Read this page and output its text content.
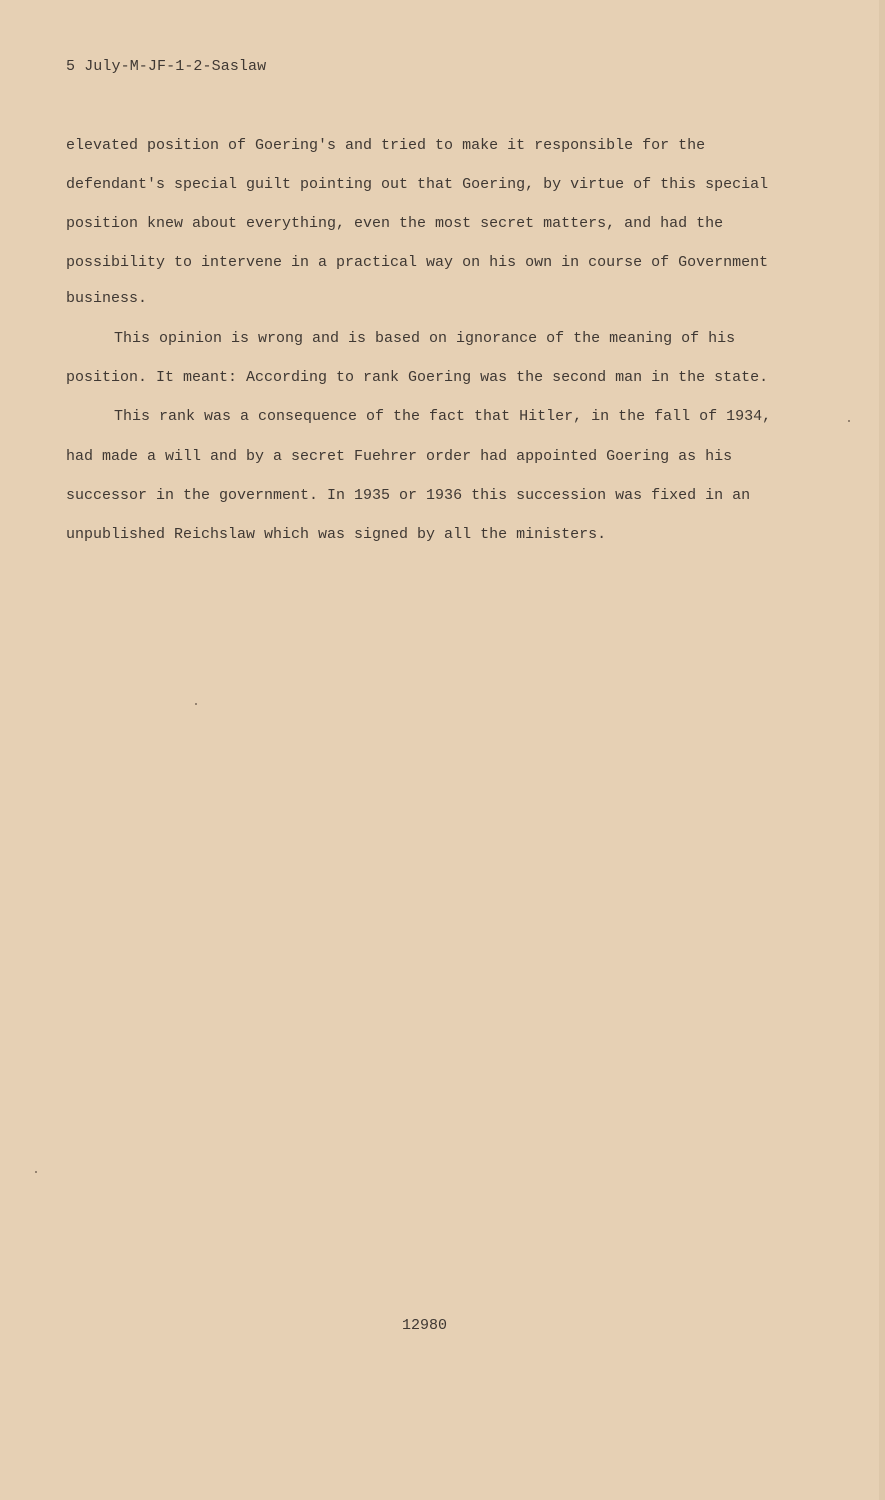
5 July-M-JF-1-2-Saslaw
elevated position of Goering's and tried to make it responsible for the
defendant's special guilt pointing out that Goering, by virtue of this special
position knew about everything, even the most secret matters, and had the
possibility to intervene in a practical way on his own in course of Government
business.
This opinion is wrong and is based on ignorance of the meaning of his
position. It meant: According to rank Goering was the second man in the state.
This rank was a consequence of the fact that Hitler, in the fall of 1934,
had made a will and by a secret Fuehrer order had appointed Goering as his
successor in the government. In 1935 or 1936 this succession was fixed in an
unpublished Reichslaw which was signed by all the ministers.
12980
